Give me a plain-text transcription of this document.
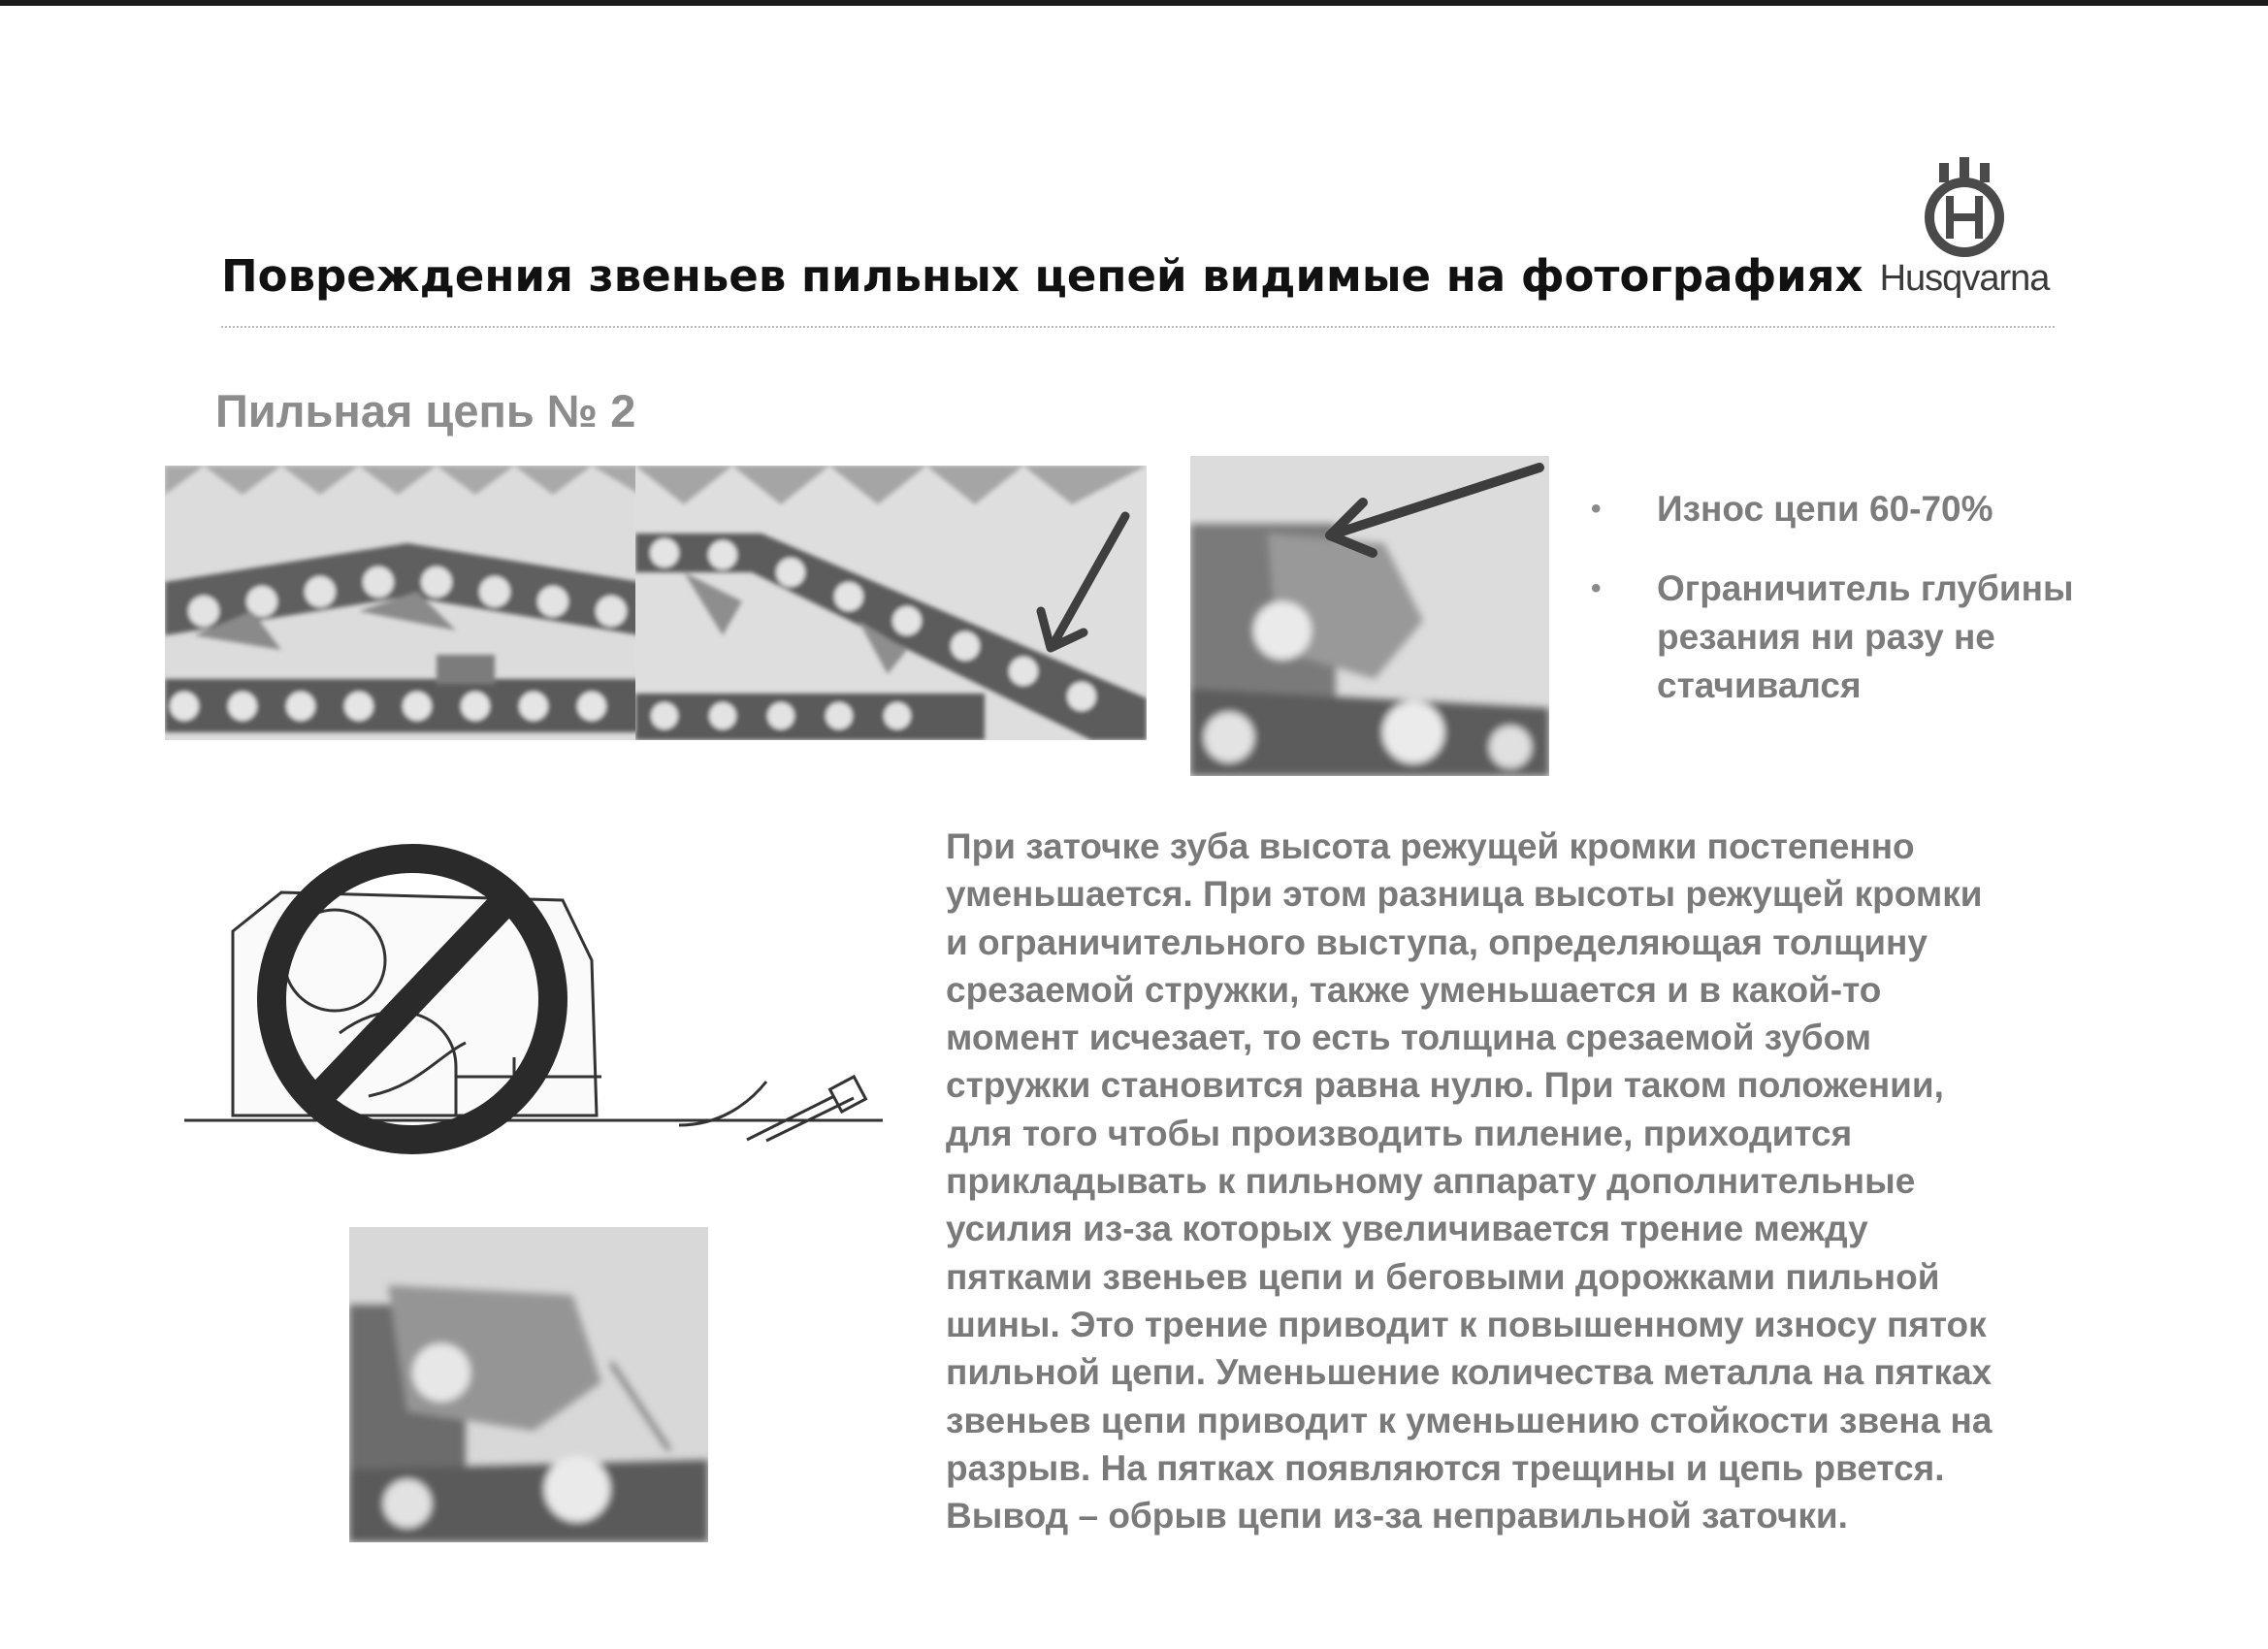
Повреждения звеньев пильных цепей видимые на фотографиях Husqvarna
Пильная цепь № 2
• Износ цепи 60-70%
• Ограничитель глубины резания ни разу не стачивался

При заточке зуба высота режущей кромки постепенно
уменьшается. При этом разница высоты режущей кромки
и ограничительного выступа, определяющая толщину
срезаемой стружки, также уменьшается и в какой-то
момент исчезает, то есть толщина срезаемой зубом
стружки становится равна нулю. При таком положении,
для того чтобы производить пиление, приходится
прикладывать к пильному аппарату дополнительные
усилия из-за которых увеличивается трение между
пятками звеньев цепи и беговыми дорожками пильной
шины. Это трение приводит к повышенному износу пяток
пильной цепи. Уменьшение количества металла на пятках
звеньев цепи приводит к уменьшению стойкости звена на
разрыв. На пятках появляются трещины и цепь рвется.
Вывод – обрыв цепи из-за неправильной заточки.
